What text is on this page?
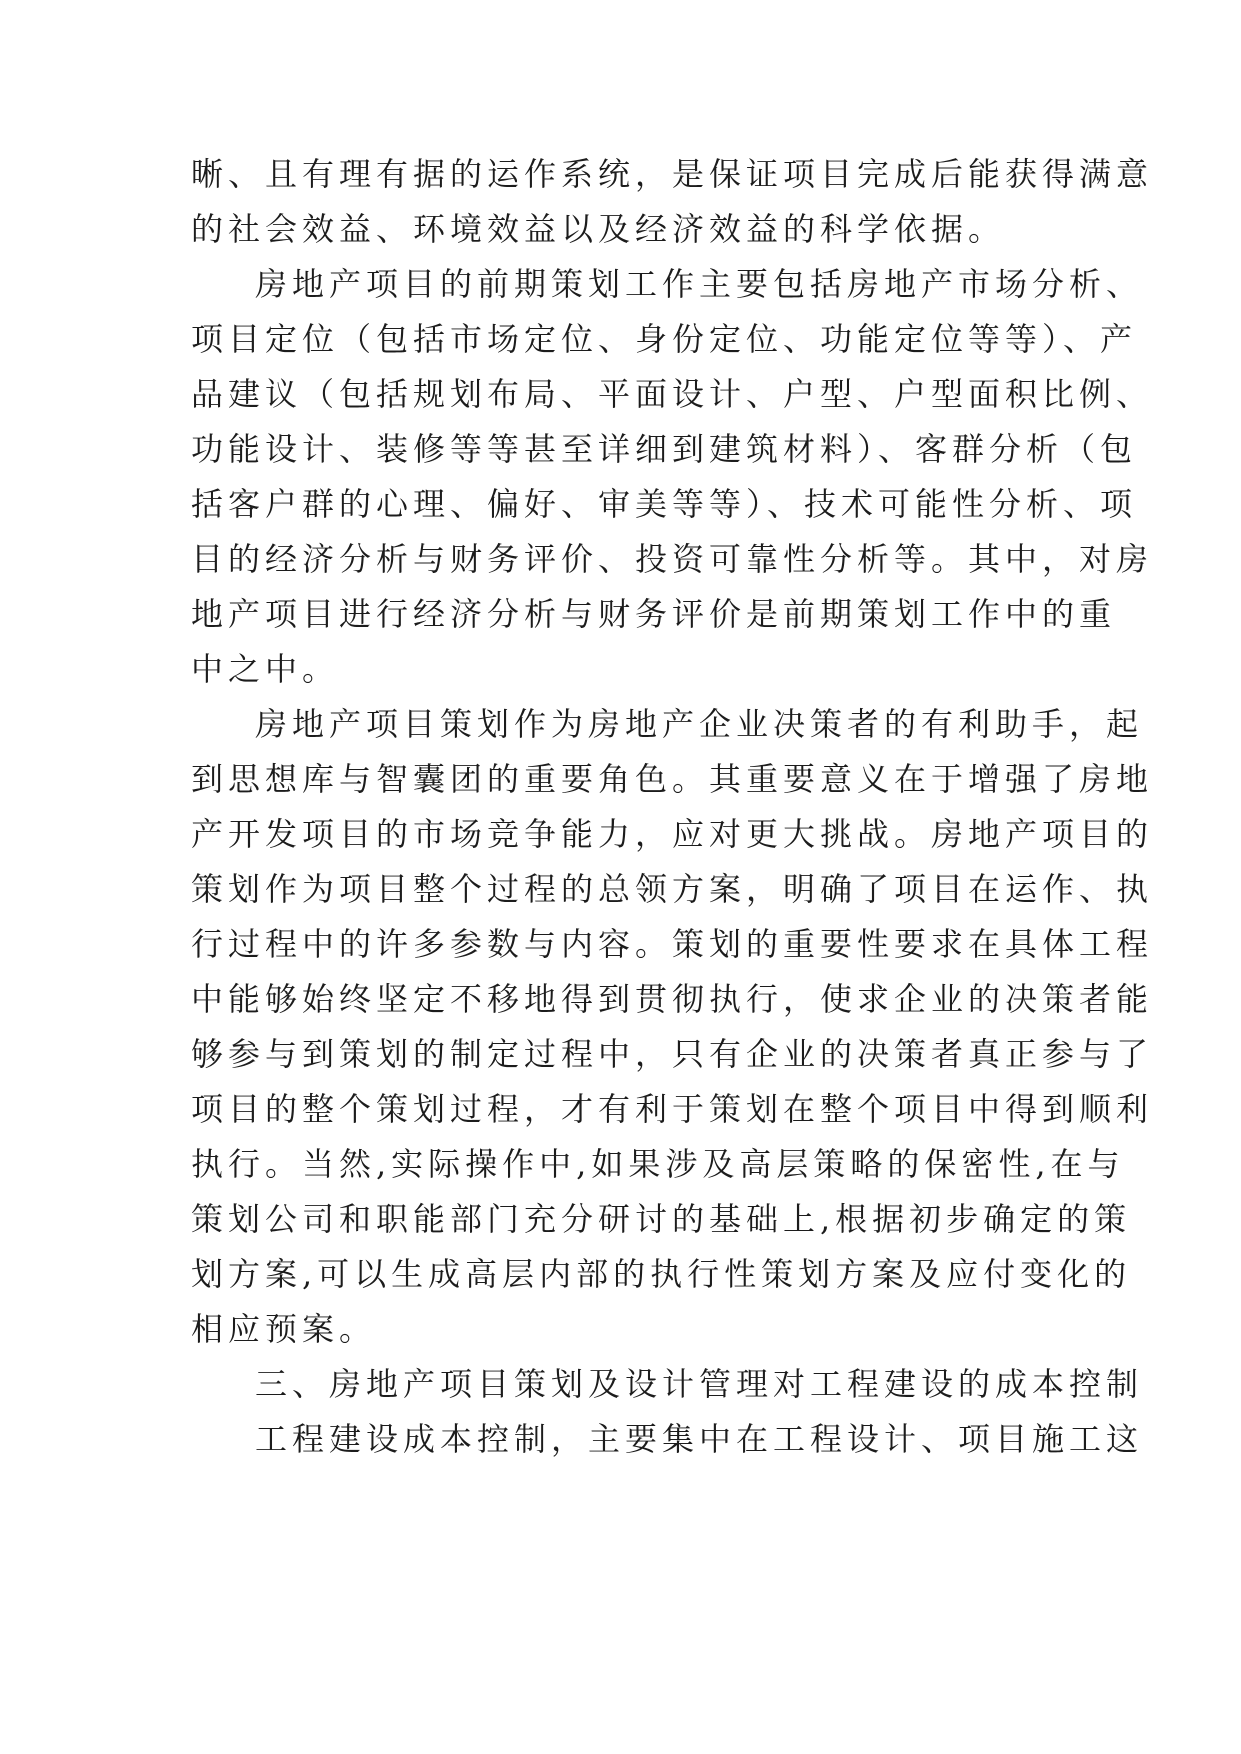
晰、且有理有据的运作系统，是保证项目完成后能获得满意
的社会效益、环境效益以及经济效益的科学依据。
房地产项目的前期策划工作主要包括房地产市场分析、
项目定位（包括市场定位、身份定位、功能定位等等）、产
品建议（包括规划布局、平面设计、户型、户型面积比例、
功能设计、装修等等甚至详细到建筑材料）、客群分析（包
括客户群的心理、偏好、审美等等）、技术可能性分析、项
目的经济分析与财务评价、投资可靠性分析等。其中，对房
地产项目进行经济分析与财务评价是前期策划工作中的重
中之中。
房地产项目策划作为房地产企业决策者的有利助手，起
到思想库与智囊团的重要角色。其重要意义在于增强了房地
产开发项目的市场竞争能力，应对更大挑战。房地产项目的
策划作为项目整个过程的总领方案，明确了项目在运作、执
行过程中的许多参数与内容。策划的重要性要求在具体工程
中能够始终坚定不移地得到贯彻执行，使求企业的决策者能
够参与到策划的制定过程中，只有企业的决策者真正参与了
项目的整个策划过程，才有利于策划在整个项目中得到顺利
执行。当然,实际操作中,如果涉及高层策略的保密性,在与
策划公司和职能部门充分研讨的基础上,根据初步确定的策
划方案,可以生成高层内部的执行性策划方案及应付变化的
相应预案。
三、房地产项目策划及设计管理对工程建设的成本控制
工程建设成本控制，主要集中在工程设计、项目施工这
